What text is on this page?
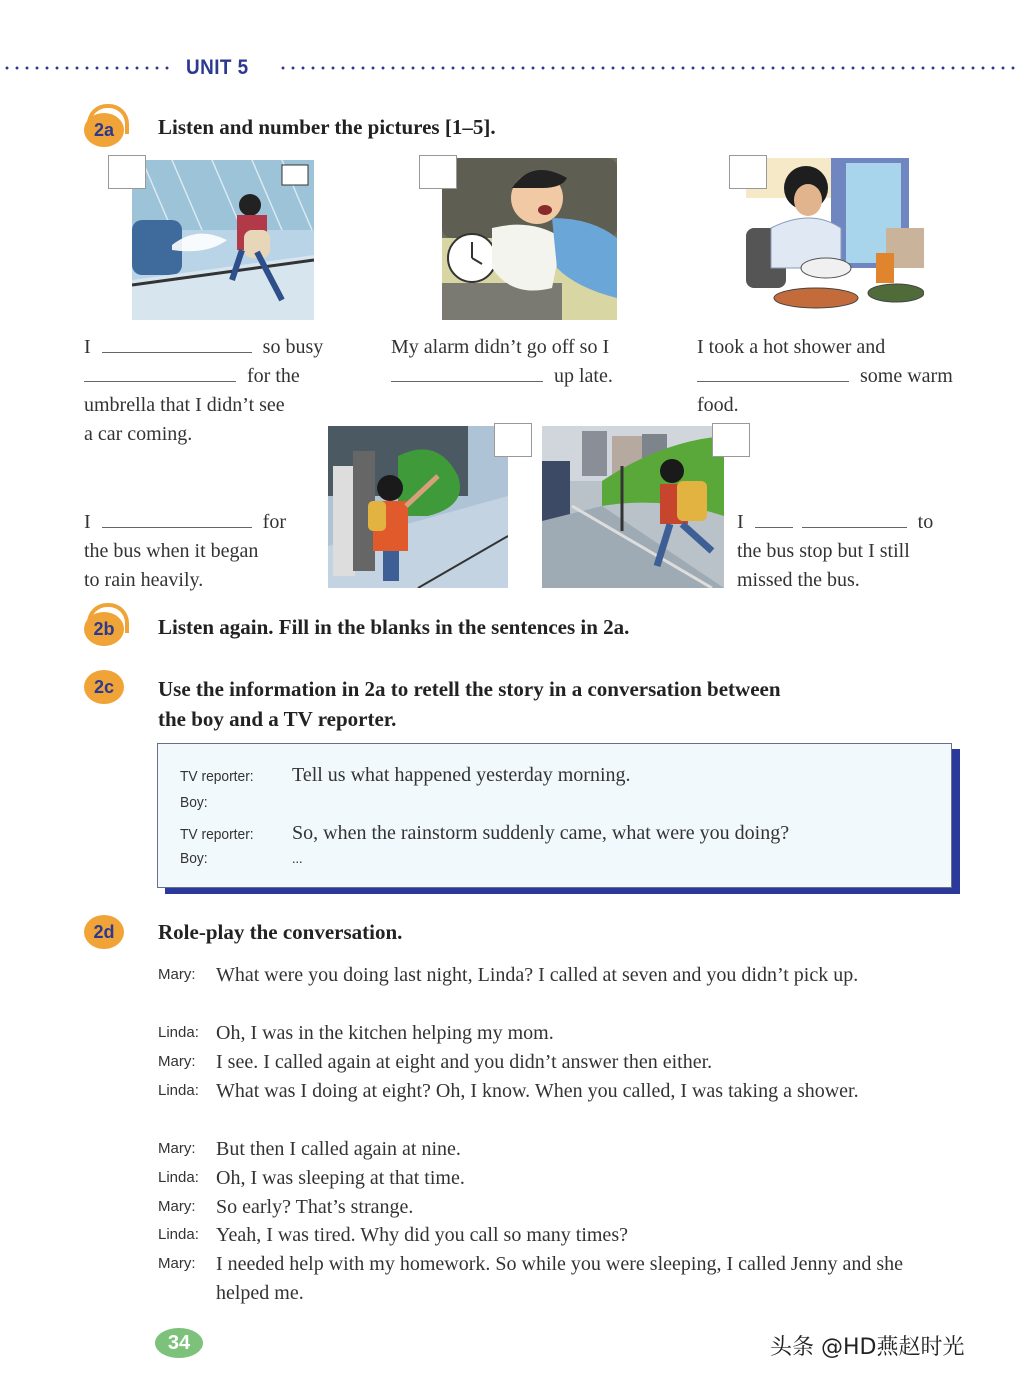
UNIT 5
2a Listen and number the pictures [1–5].
I	so busy
for the
umbrella that I didn’t see
a car coming.
My alarm didn’t go off so I
up late.
I took a hot shower and
some warm
food.
I	for
the bus when it began
to rain heavily.
I	to
the bus stop but I still
missed the bus.
2b Listen again. Fill in the blanks in the sentences in 2a.
2c Use the information in 2a to retell the story in a conversation between
the boy and a TV reporter.
TV reporter:	Tell us what happened yesterday morning.
Boy:
TV reporter:	So, when the rainstorm suddenly came, what were you doing?
Boy:	...
2d Role-play the conversation.
Mary:	What were you doing last night, Linda? I called at seven and you didn’t pick up.
Linda: Oh, I was in the kitchen helping my mom.
Mary:	I see. I called again at eight and you didn’t answer then either.
Linda: What was I doing at eight? Oh, I know. When you called, I was taking a shower.
Mary:	But then I called again at nine.
Linda: Oh, I was sleeping at that time.
Mary:	So early? That’s strange.
Linda: Yeah, I was tired. Why did you call so many times?
Mary:	I needed help with my homework. So while you were sleeping, I called Jenny and she helped me.
34	头条 @HD燕赵时光
